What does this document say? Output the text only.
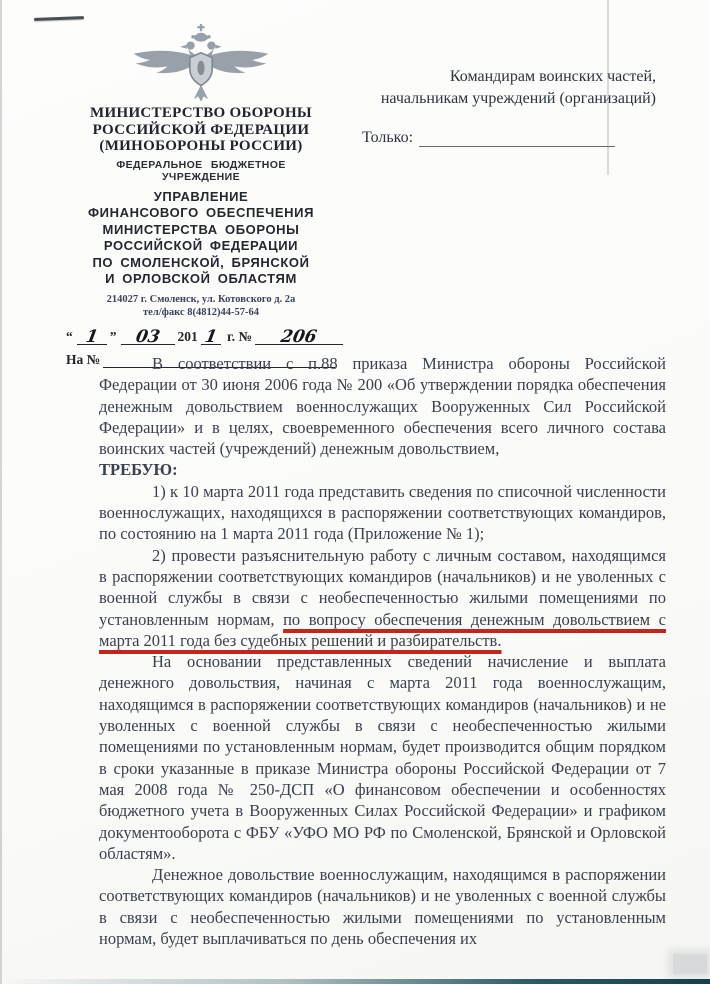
МИНИСТЕРСТВО ОБОРОНЫ
РОССИЙСКОЙ ФЕДЕРАЦИИ
(МИНОБОРОНЫ РОССИИ)
ФЕДЕРАЛЬНОЕ БЮДЖЕТНОЕ
УЧРЕЖДЕНИЕ
УПРАВЛЕНИЕ
ФИНАНСОВОГО ОБЕСПЕЧЕНИЯ
МИНИСТЕРСТВА ОБОРОНЫ
РОССИЙСКОЙ ФЕДЕРАЦИИ
ПО СМОЛЕНСКОЙ, БРЯНСКОЙ
И ОРЛОВСКОЙ ОБЛАСТЯМ
214027 г. Смоленск, ул. Котовского д. 2а
тел/факс 8(4812)44-57-64
“ 1 ” 03 201 1 г. № 206
На №
Командирам воинских частей,
начальникам учреждений (организаций)
Только:

В соответствии с п.88 приказа Министра обороны Российской Федерации от 30 июня 2006 года № 200 «Об утверждении порядка обеспечения денежным довольствием военнослужащих Вооруженных Сил Российской Федерации» и в целях, своевременного обеспечения всего личного состава воинских частей (учреждений) денежным довольствием,

ТРЕБУЮ:

1) к 10 марта 2011 года представить сведения по списочной численности военнослужащих, находящихся в распоряжении соответствующих командиров, по состоянию на 1 марта 2011 года (Приложение № 1);

2) провести разъяснительную работу с личным составом, находящимся в распоряжении соответствующих командиров (начальников) и не уволенных с военной службы в связи с необеспеченностью жилыми помещениями по установленным нормам, по вопросу обеспечения денежным довольствием с марта 2011 года без судебных решений и разбирательств.

На основании представленных сведений начисление и выплата денежного довольствия, начиная с марта 2011 года военнослужащим, находящимся в распоряжении соответствующих командиров (начальников) и не уволенных с военной службы в связи с необеспеченностью жилыми помещениями по установленным нормам, будет производится общим порядком в сроки указанные в приказе Министра обороны Российской Федерации от 7 мая 2008 года № 250-ДСП «О финансовом обеспечении и особенностях бюджетного учета в Вооруженных Силах Российской Федерации» и графиком документооборота с ФБУ «УФО МО РФ по Смоленской, Брянской и Орловской областям».

Денежное довольствие военнослужащим, находящимся в распоряжении соответствующих командиров (начальников) и не уволенных с военной службы в связи с необеспеченностью жилыми помещениями по установленным нормам, будет выплачиваться по день обеспечения их
